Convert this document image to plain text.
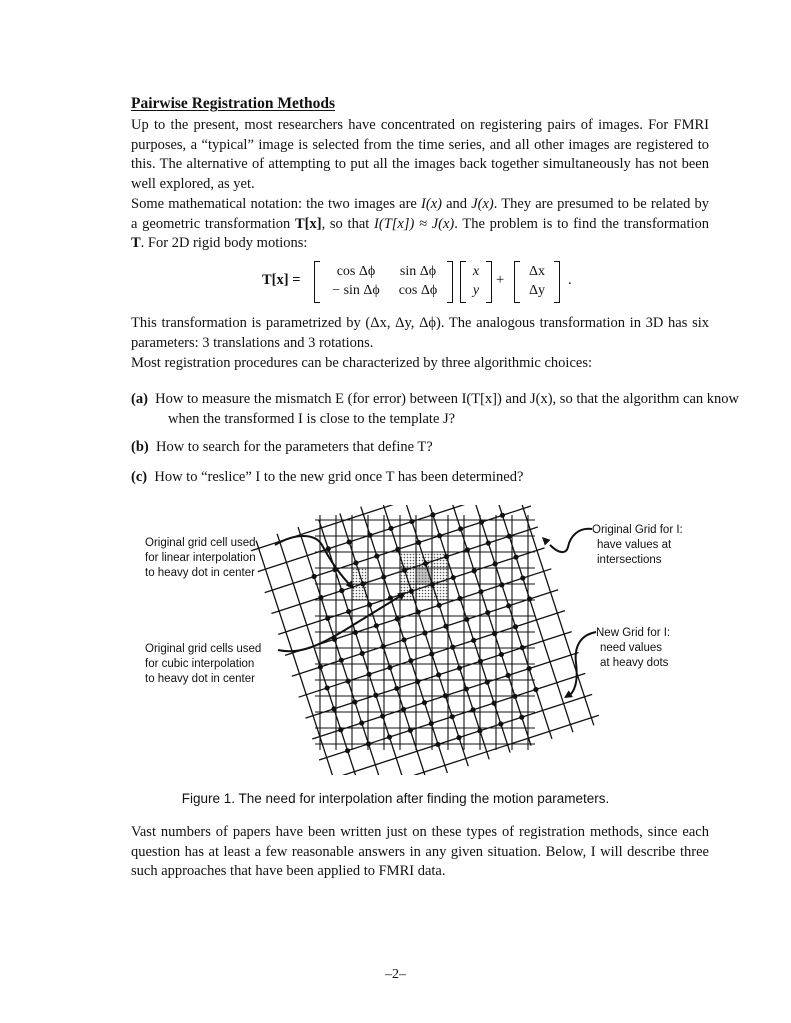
Pairwise Registration Methods
Up to the present, most researchers have concentrated on registering pairs of images. For FMRI purposes, a “typical” image is selected from the time series, and all other images are registered to this. The alternative of attempting to put all the images back together simultaneously has not been well explored, as yet.
Some mathematical notation: the two images are I(x) and J(x). They are presumed to be related by a geometric transformation T[x], so that I(T[x]) ≈ J(x). The problem is to find the transformation T. For 2D rigid body motions:
T[x] =
cos Δϕ	sin Δϕ
− sin Δϕ	cos Δϕ
x
y
+
Δx
Δy
.
This transformation is parametrized by (Δx, Δy, Δϕ). The analogous transformation in 3D has six parameters: 3 translations and 3 rotations.
Most registration procedures can be characterized by three algorithmic choices:
(a) How to measure the mismatch E (for error) between I(T[x]) and J(x), so that the algorithm can know when the transformed I is close to the template J?
(b) How to search for the parameters that define T?
(c) How to “reslice” I to the new grid once T has been determined?
Original grid cell used
for linear interpolation
to heavy dot in center
Original grid cells used
for cubic interpolation
to heavy dot in center
Original Grid for I:
have values at
intersections
New Grid for I:
need values
at heavy dots
Figure 1. The need for interpolation after finding the motion parameters.
Vast numbers of papers have been written just on these types of registration methods, since each question has at least a few reasonable answers in any given situation. Below, I will describe three such approaches that have been applied to FMRI data.
–2–
